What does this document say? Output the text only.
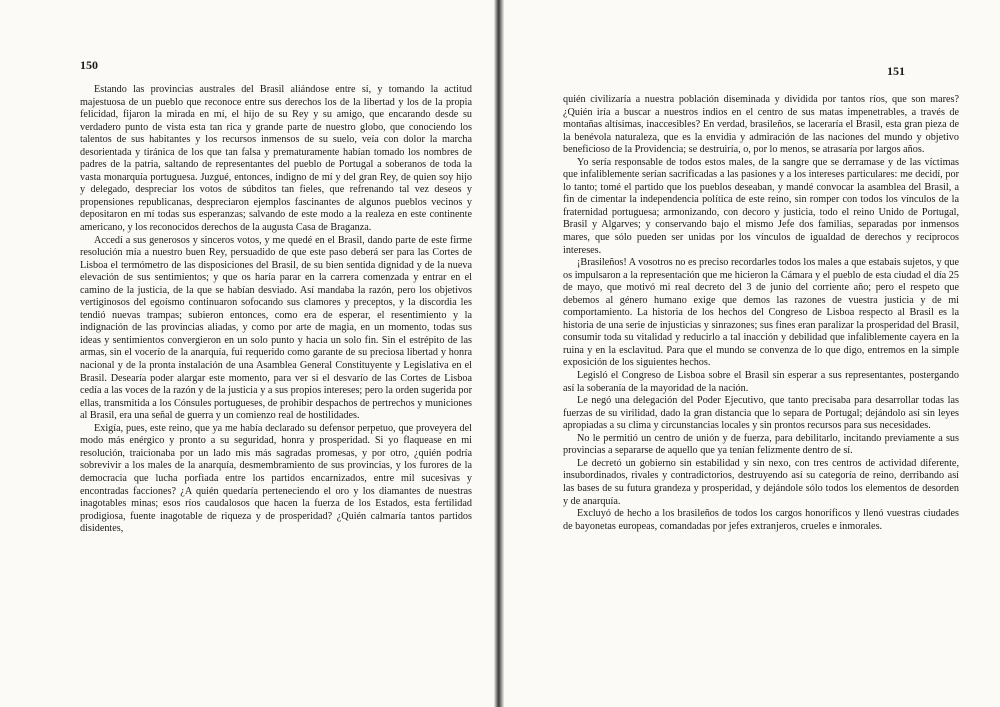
150

Estando las provincias australes del Brasil aliándose entre sí, y tomando la actitud majestuosa de un pueblo que reconoce entre sus derechos los de la libertad y los de la propia felicidad, fijaron la mirada en mí, el hijo de su Rey y su amigo, que encarando desde su verdadero punto de vista esta tan rica y grande parte de nuestro globo, que conociendo los talentos de sus habitantes y los recursos inmensos de su suelo, veía con dolor la marcha desorientada y tiránica de los que tan falsa y prematuramente habían tomado los nombres de padres de la patria, saltando de representantes del pueblo de Portugal a soberanos de toda la vasta monarquía portuguesa. Juzgué, entonces, indigno de mí y del gran Rey, de quien soy hijo y delegado, despreciar los votos de súbditos tan fieles, que refrenando tal vez deseos y propensiones republicanas, despreciaron ejemplos fascinantes de algunos pueblos vecinos y depositaron en mí todas sus esperanzas; salvando de este modo a la realeza en este continente americano, y los reconocidos derechos de la augusta Casa de Braganza.

Accedí a sus generosos y sinceros votos, y me quedé en el Brasil, dando parte de este firme resolución mía a nuestro buen Rey, persuadido de que este paso deberá ser para las Cortes de Lisboa el termómetro de las disposiciones del Brasil, de su bien sentida dignidad y de la nueva elevación de sus sentimientos; y que os haría parar en la carrera comenzada y entrar en el camino de la justicia, de la que se habían desviado. Así mandaba la razón, pero los objetivos vertiginosos del egoísmo continuaron sofocando sus clamores y preceptos, y la discordia les tendió nuevas trampas; subieron entonces, como era de esperar, el resentimiento y la indignación de las provincias aliadas, y como por arte de magia, en un momento, todas sus ideas y sentimientos convergieron en un solo punto y hacia un solo fin. Sin el estrépito de las armas, sin el vocerío de la anarquía, fui requerido como garante de su preciosa libertad y honra nacional y de la pronta instalación de una Asamblea General Constituyente y Legislativa en el Brasil. Desearía poder alargar este momento, para ver si el desvarío de las Cortes de Lisboa cedía a las voces de la razón y de la justicia y a sus propios intereses; pero la orden sugerida por ellas, transmitida a los Cónsules portugueses, de prohibir despachos de pertrechos y municiones al Brasil, era una señal de guerra y un comienzo real de hostilidades.

Exigía, pues, este reino, que ya me había declarado su defensor perpetuo, que proveyera del modo más enérgico y pronto a su seguridad, honra y prosperidad. Si yo flaquease en mi resolución, traicionaba por un lado mis más sagradas promesas, y por otro, ¿quién podría sobrevivir a los males de la anarquía, desmembramiento de sus provincias, y los furores de la democracia que lucha porfiada entre los partidos encarnizados, entre mil sucesivas y encontradas facciones? ¿A quién quedaría perteneciendo el oro y los diamantes de nuestras inagotables minas; esos ríos caudalosos que hacen la fuerza de los Estados, esta fertilidad prodigiosa, fuente inagotable de riqueza y de prosperidad? ¿Quién calmaría tantos partidos disidentes,

151

quién civilizaría a nuestra población diseminada y dividida por tantos ríos, que son mares? ¿Quién iría a buscar a nuestros indios en el centro de sus matas impenetrables, a través de montañas altísimas, inaccesibles? En verdad, brasileños, se laceraría el Brasil, esta gran pieza de la benévola naturaleza, que es la envidia y admiración de las naciones del mundo y objetivo beneficioso de la Providencia; se destruiría, o, por lo menos, se atrasaría por largos años.

Yo sería responsable de todos estos males, de la sangre que se derramase y de las víctimas que infaliblemente serían sacrificadas a las pasiones y a los intereses particulares: me decidí, por lo tanto; tomé el partido que los pueblos deseaban, y mandé convocar la asamblea del Brasil, a fin de cimentar la independencia política de este reino, sin romper con todos los vínculos de la fraternidad portuguesa; armonizando, con decoro y justicia, todo el reino Unido de Portugal, Brasil y Algarves; y conservando bajo el mismo Jefe dos familias, separadas por inmensos mares, que sólo pueden ser unidas por los vínculos de igualdad de derechos y recíprocos intereses.

¡Brasileños! A vosotros no es preciso recordarles todos los males a que estabais sujetos, y que os impulsaron a la representación que me hicieron la Cámara y el pueblo de esta ciudad el día 25 de mayo, que motivó mi real decreto del 3 de junio del corriente año; pero el respeto que debemos al género humano exige que demos las razones de vuestra justicia y de mi comportamiento. La historia de los hechos del Congreso de Lisboa respecto al Brasil es la historia de una serie de injusticias y sinrazones; sus fines eran paralizar la prosperidad del Brasil, consumir toda su vitalidad y reducirlo a tal inacción y debilidad que infaliblemente cayera en la ruina y en la esclavitud. Para que el mundo se convenza de lo que digo, entremos en la simple exposición de los siguientes hechos.

Legisló el Congreso de Lisboa sobre el Brasil sin esperar a sus representantes, postergando así la soberanía de la mayoridad de la nación.

Le negó una delegación del Poder Ejecutivo, que tanto precisaba para desarrollar todas las fuerzas de su virilidad, dado la gran distancia que lo separa de Portugal; dejándolo así sin leyes apropiadas a su clima y circunstancias locales y sin prontos recursos para sus necesidades.

No le permitió un centro de unión y de fuerza, para debilitarlo, incitando previamente a sus provincias a separarse de aquello que ya tenían felizmente dentro de sí.

Le decretó un gobierno sin estabilidad y sin nexo, con tres centros de actividad diferente, insubordinados, rivales y contradictorios, destruyendo así su categoría de reino, derribando así las bases de su futura grandeza y prosperidad, y dejándole sólo todos los elementos de desorden y de anarquía.

Excluyó de hecho a los brasileños de todos los cargos honoríficos y llenó vuestras ciudades de bayonetas europeas, comandadas por jefes extranjeros, crueles e inmorales.
